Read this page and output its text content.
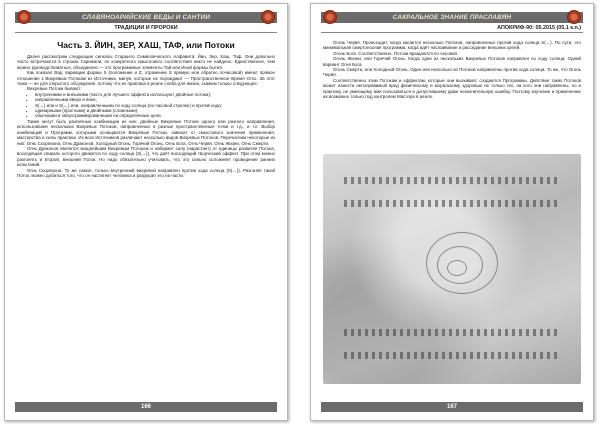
СЛАВЯНОАРИЙСКИЕ ВЕДЫ И САНТИИ
ТРАДИЦИИ И ПРОРОКИ
Часть 3. ЙИН, ЗЕР, ХАШ, ТАФ, или Потоки

Далее рассмотрим следующие сигналы Старшего Символического Алфавита: Йин, Зер, Хаш, Таф. Они довольно часто встречаются в строках Скрижали, но конкретного смыслового соответствия никто не найдено. Единственное, чем можно руководствоваться, объединено — это программные элементы Тай или Иной формы бытия.

Как показал Вар, вариации формы S (положение и Z, отражение S прямую или обратно почасовой) имеют прямое отношение к Вихревым Потокам из Источника, минуя, которые их порождают — Пространственное Время Отко. За этот тема — не для открытого обсуждения, потому что их практика в реале слаба для жизни, скажем только следующее:

Вихревые Потоки бывают:

• внутренними и внешними (часто для лучшего эффекта используют двойные потоки);
• направленными вверх и вниз;
• S(→) или и S(←) или, направленными по ходу солнца (по часовой стрелке) и против хода;
• одинарными (простыми) и двойными (сложными);
• обычными и запрограммированными на определённые цели.

Также могут быть различные комбинации из них: двойные Вихревые Потоки одного или разного направления, использование нескольких Вихревых Потоков, направленных в разные пространственные точки и т.д., и т.п. Выбор комбинаций и Программ, которыми оснащаются Вихревые Потоки, зависит от смыслового значения применения, мастерства и силы практика. Из всех Источников различают несколько видов Вихревых Потоков. Перечислим некоторые из них: Огнь Скорпиона, Огнь Драконов, Холодный Огонь, Горячий Огонь, Огнь Бога, Огнь Червя, Огнь Жизни, Огнь Смерти.

Огнь Драконов является мощнейшим Вихревым Потоком и набирает силу (нарастает) от единицы развития Потока, восходящая спираль которого движется по ходу солнца (S(→)), что даёт восходящий творческий эффект. При этом можно разгонять и второй, внешний Поток. Но надо обязательно учитывать, что это сильно осложняет проведение ранних испытаний.

Огнь Скорпиона. То же самое, только внутренний вихревой направлен против хода солнца (S(←)). Разгоняя такой Поток, можно добиться того, что он настигнет человека и разрушит его на части.

166
САКРАЛЬНОЕ ЗНАНИЕ ПРАСЛАВЯН
АПОКРИФ-90: 05.2015 (05.1 к.п.)

Огонь Червя. Происходит, когда касается несколько Потоков, направленных против хода солнца S(←). По сути, это минимальная смертоносная программа, когда идёт наслаивание и расседание внешних целей.

Огонь Бога. Соответственно, Потоки вращаются по часовой.

Огонь Жизни, или Горячий Огонь. Когда одни из нескольких Вихревых Потоков направлен по ходу солнца. Одний вариант Огня Бога.

Огонь Смерти, или Холодный Огонь. Один или несколько из Потоков направлены против хода солнца. То же, что Огонь Червя.

Соответственно этим Потокам и эффектам, которые они вызывают, создаются Программы. Действие таких Потоков может нанести непоправимый вред физическому и моральному здоровью не только тех, на кого они направлены, но и практику, не умеющему ими пользоваться и допустившему даже незначительную ошибку. Поэтому изучение и применение их возможно только под контролем Мастера в реале.

167
